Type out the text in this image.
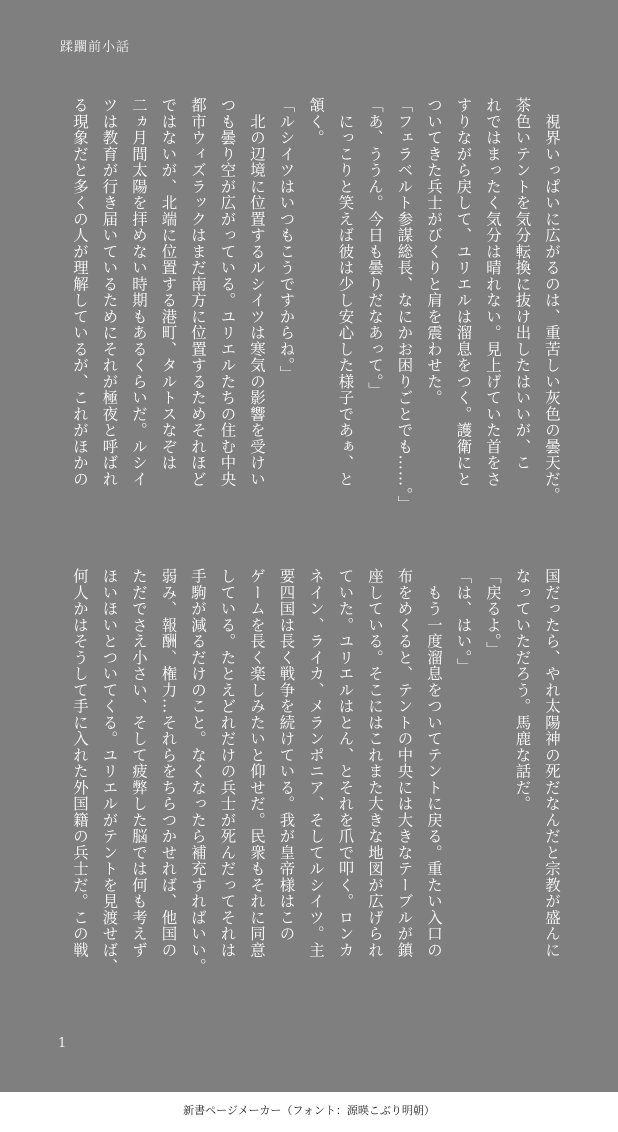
蹂躙前小話
　視界いっぱいに広がるのは、重苦しい灰色の曇天だ。
茶色いテントを気分転換に抜け出したはいいが、こ
れではまったく気分は晴れない。見上げていた首をさ
すりながら戻して、ユリエルは溜息をつく。護衛にと
ついてきた兵士がびくりと肩を震わせた。
「フェラベルト参謀総長、なにかお困りごとでも……。」
「あ、ううん。今日も曇りだなあって。」
　にっこりと笑えば彼は少し安心した様子であぁ、と
頷く。
「ルシイツはいつもこうですからね。」
　北の辺境に位置するルシイツは寒気の影響を受けい
つも曇り空が広がっている。ユリエルたちの住む中央
都市ウィズラックはまだ南方に位置するためそれほど
ではないが、北端に位置する港町、タルトスなぞは
二ヵ月間太陽を拝めない時期もあるくらいだ。ルシイ
ツは教育が行き届いているためにそれが極夜と呼ばれ
る現象だと多くの人が理解しているが、これがほかの
国だったら、やれ太陽神の死だなんだと宗教が盛んに
なっていただろう。馬鹿な話だ。
「戻るよ。」
「は、はい。」
　もう一度溜息をついてテントに戻る。重たい入口の
布をめくると、テントの中央には大きなテーブルが鎮
座している。そこにはこれまた大きな地図が広げられ
ていた。ユリエルはとん、とそれを爪で叩く。ロンカ
ネイン、ライカ、メランポニア、そしてルシイツ。主
要四国は長く戦争を続けている。我が皇帝様はこの
ゲームを長く楽しみたいと仰せだ。民衆もそれに同意
している。たとえどれだけの兵士が死んだってそれは
手駒が減るだけのこと。なくなったら補充すればいい。
弱み、報酬、権力…それらをちらつかせれば、他国の
ただでさえ小さい、そして疲弊した脳では何も考えず
ほいほいとついてくる。ユリエルがテントを見渡せば、
何人かはそうして手に入れた外国籍の兵士だ。この戦
1
新書ページメーカー（フォント：源暎こぶり明朝）
